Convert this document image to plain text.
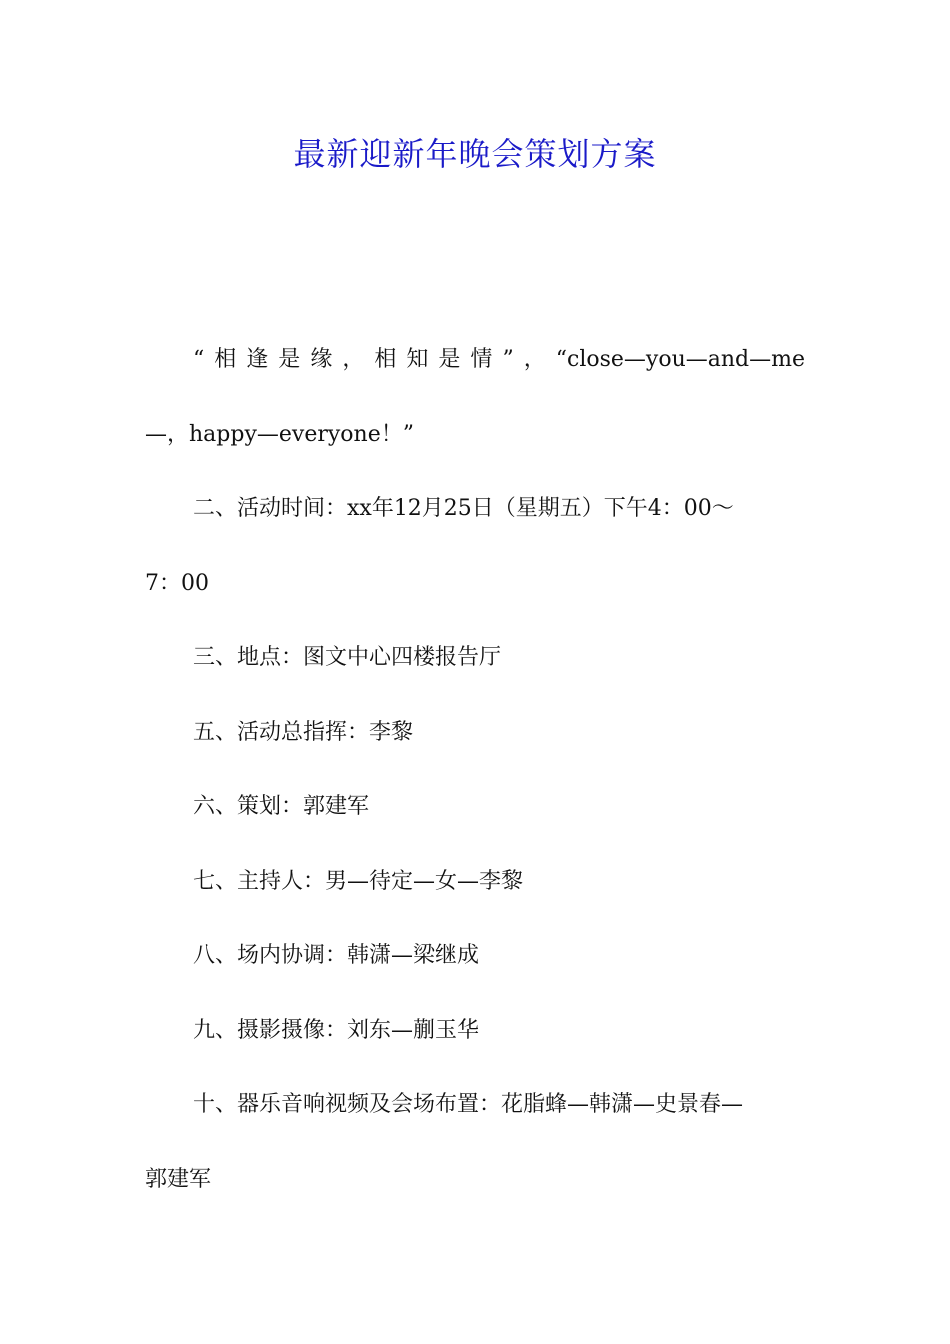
最新迎新年晚会策划方案
“相逢是缘，相知是情”，“close—you—and—me
—，happy—everyone！”
二、活动时间：xx年12月25日（星期五）下午4：00～
7：00
三、地点：图文中心四楼报告厅
五、活动总指挥：李黎
六、策划：郭建军
七、主持人：男—待定—女—李黎
八、场内协调：韩潇—梁继成
九、摄影摄像：刘东—蒯玉华
十、器乐音响视频及会场布置：花脂蜂—韩潇—史景春—
郭建军
